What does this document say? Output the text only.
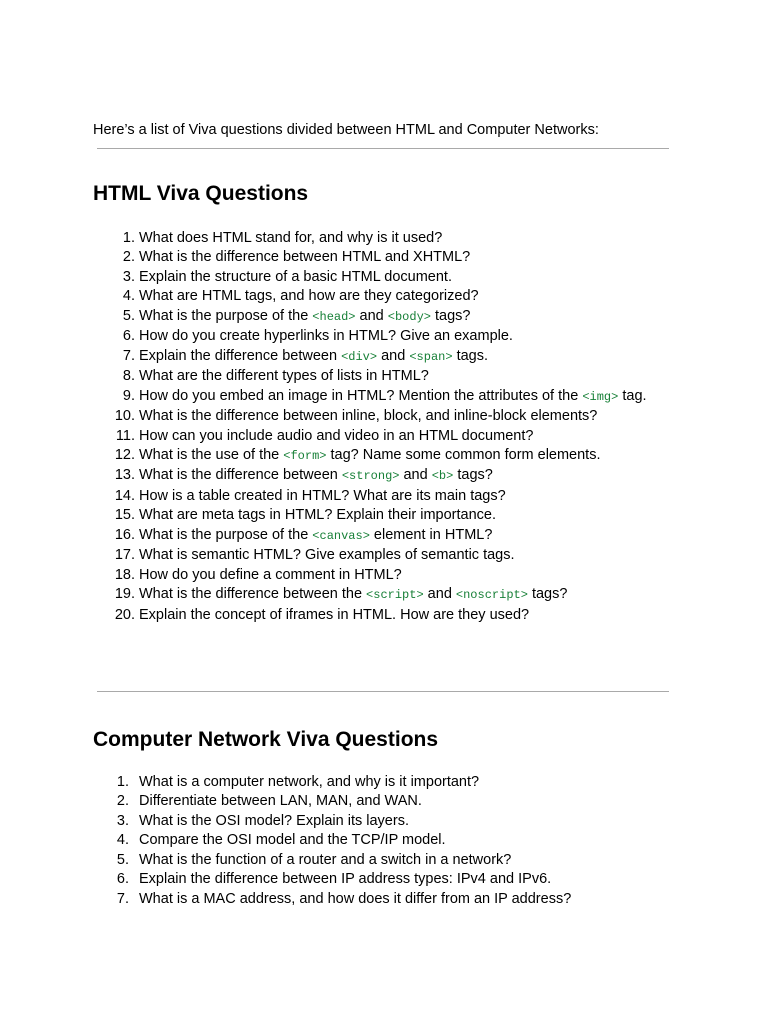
Here’s a list of Viva questions divided between HTML and Computer Networks:

HTML Viva Questions
1. What does HTML stand for, and why is it used?
2. What is the difference between HTML and XHTML?
3. Explain the structure of a basic HTML document.
4. What are HTML tags, and how are they categorized?
5. What is the purpose of the <head> and <body> tags?
6. How do you create hyperlinks in HTML? Give an example.
7. Explain the difference between <div> and <span> tags.
8. What are the different types of lists in HTML?
9. How do you embed an image in HTML? Mention the attributes of the <img> tag.
10. What is the difference between inline, block, and inline-block elements?
11. How can you include audio and video in an HTML document?
12. What is the use of the <form> tag? Name some common form elements.
13. What is the difference between <strong> and <b> tags?
14. How is a table created in HTML? What are its main tags?
15. What are meta tags in HTML? Explain their importance.
16. What is the purpose of the <canvas> element in HTML?
17. What is semantic HTML? Give examples of semantic tags.
18. How do you define a comment in HTML?
19. What is the difference between the <script> and <noscript> tags?
20. Explain the concept of iframes in HTML. How are they used?
Computer Network Viva Questions
1. What is a computer network, and why is it important?
2. Differentiate between LAN, MAN, and WAN.
3. What is the OSI model? Explain its layers.
4. Compare the OSI model and the TCP/IP model.
5. What is the function of a router and a switch in a network?
6. Explain the difference between IP address types: IPv4 and IPv6.
7. What is a MAC address, and how does it differ from an IP address?
